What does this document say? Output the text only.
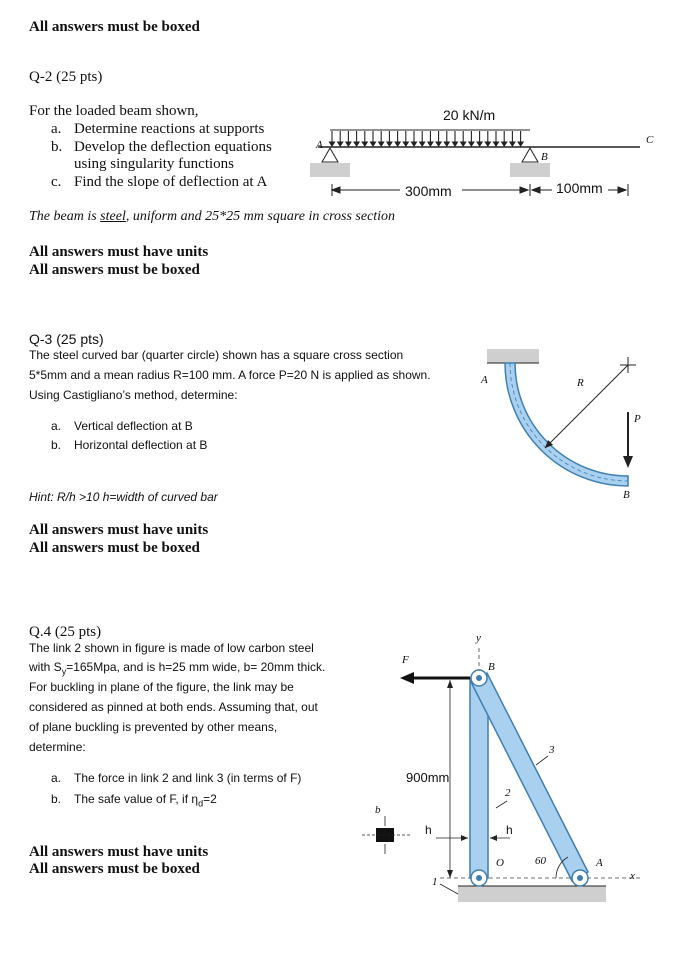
All answers must be boxed
Q-2 (25 pts)
For the loaded beam shown,
a. Determine reactions at supports
b. Develop the deflection equations
using singularity functions
c. Find the slope of deflection at A
The beam is steel, uniform and 25*25 mm square in cross section
All answers must have units
All answers must be boxed
20 kN/m
300mm	100mm
A
B
C
Q-3 (25 pts)
The steel curved bar (quarter circle) shown has a square cross section
5*5mm and a mean radius R=100 mm. A force P=20 N is applied as shown.
Using Castigliano’s method, determine:
a. Vertical deflection at B
b. Horizontal deflection at B
Hint: R/h >10 h=width of curved bar
All answers must have units
All answers must be boxed
A	R
P
B
Q.4 (25 pts)
The link 2 shown in figure is made of low carbon steel
with $S_y=165Mpa$, and is h=25 mm wide, b= 20mm thick.
For buckling in plane of the figure, the link may be
considered as pinned at both ends. Assuming that, out
of plane buckling is prevented by other means,
determine:
a. The force in link 2 and link 3 (in terms of F)
b. The safe value of F, if $\eta_d=2$
All answers must have units
All answers must be boxed
F
y
B
900mm
2
3
h	h
b
O	60	A
x
1
